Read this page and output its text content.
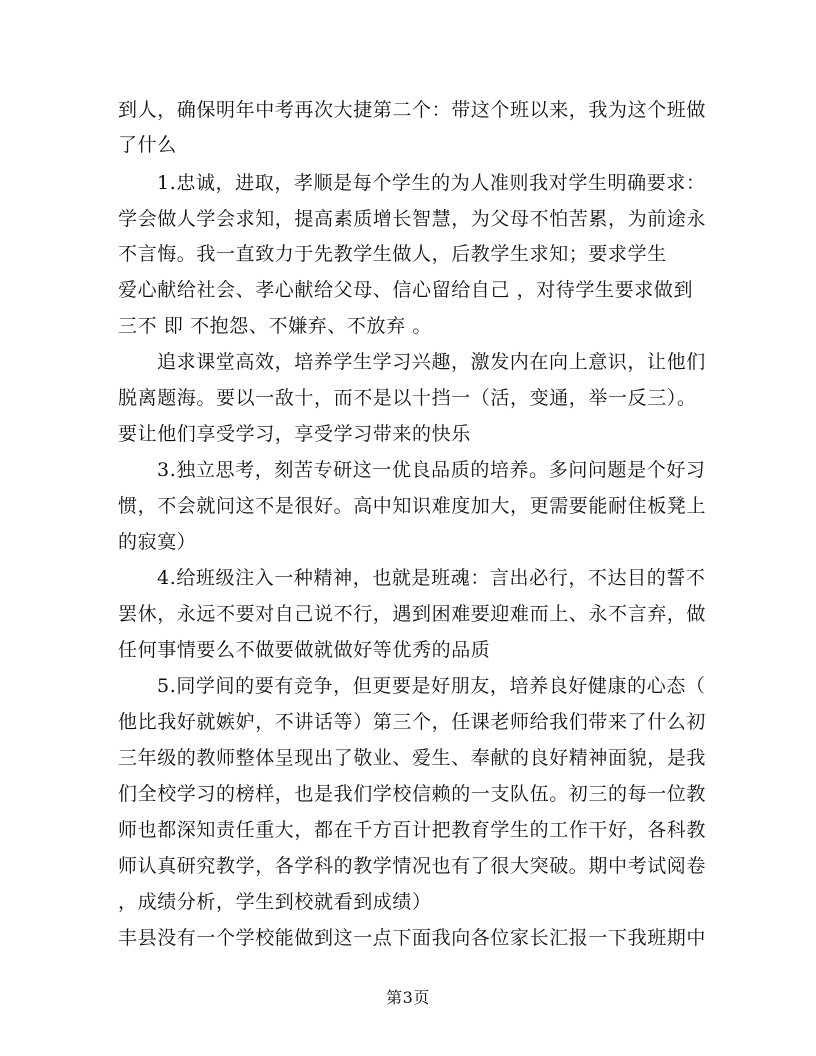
到人，确保明年中考再次大捷第二个：带这个班以来，我为这个班做
了什么
1.忠诚，进取，孝顺是每个学生的为人准则我对学生明确要求：
学会做人学会求知，提高素质增长智慧，为父母不怕苦累，为前途永
不言悔。我一直致力于先教学生做人，后教学生求知；要求学生
爱心献给社会、孝心献给父母、信心留给自己 ，对待学生要求做到
三不 即 不抱怨、不嫌弃、不放弃 。
追求课堂高效，培养学生学习兴趣，激发内在向上意识，让他们
脱离题海。要以一敌十，而不是以十挡一（活，变通，举一反三）。
要让他们享受学习，享受学习带来的快乐
3.独立思考，刻苦专研这一优良品质的培养。多问问题是个好习
惯，不会就问这不是很好。高中知识难度加大，更需要能耐住板凳上
的寂寞）
4.给班级注入一种精神，也就是班魂：言出必行，不达目的誓不
罢休，永远不要对自己说不行，遇到困难要迎难而上、永不言弃，做
任何事情要么不做要做就做好等优秀的品质
5.同学间的要有竞争，但更要是好朋友，培养良好健康的心态（
他比我好就嫉妒，不讲话等）第三个，任课老师给我们带来了什么初
三年级的教师整体呈现出了敬业、爱生、奉献的良好精神面貌，是我
们全校学习的榜样，也是我们学校信赖的一支队伍。初三的每一位教
师也都深知责任重大，都在千方百计把教育学生的工作干好，各科教
师认真研究教学，各学科的教学情况也有了很大突破。期中考试阅卷
，成绩分析，学生到校就看到成绩）
丰县没有一个学校能做到这一点下面我向各位家长汇报一下我班期中
第3页
